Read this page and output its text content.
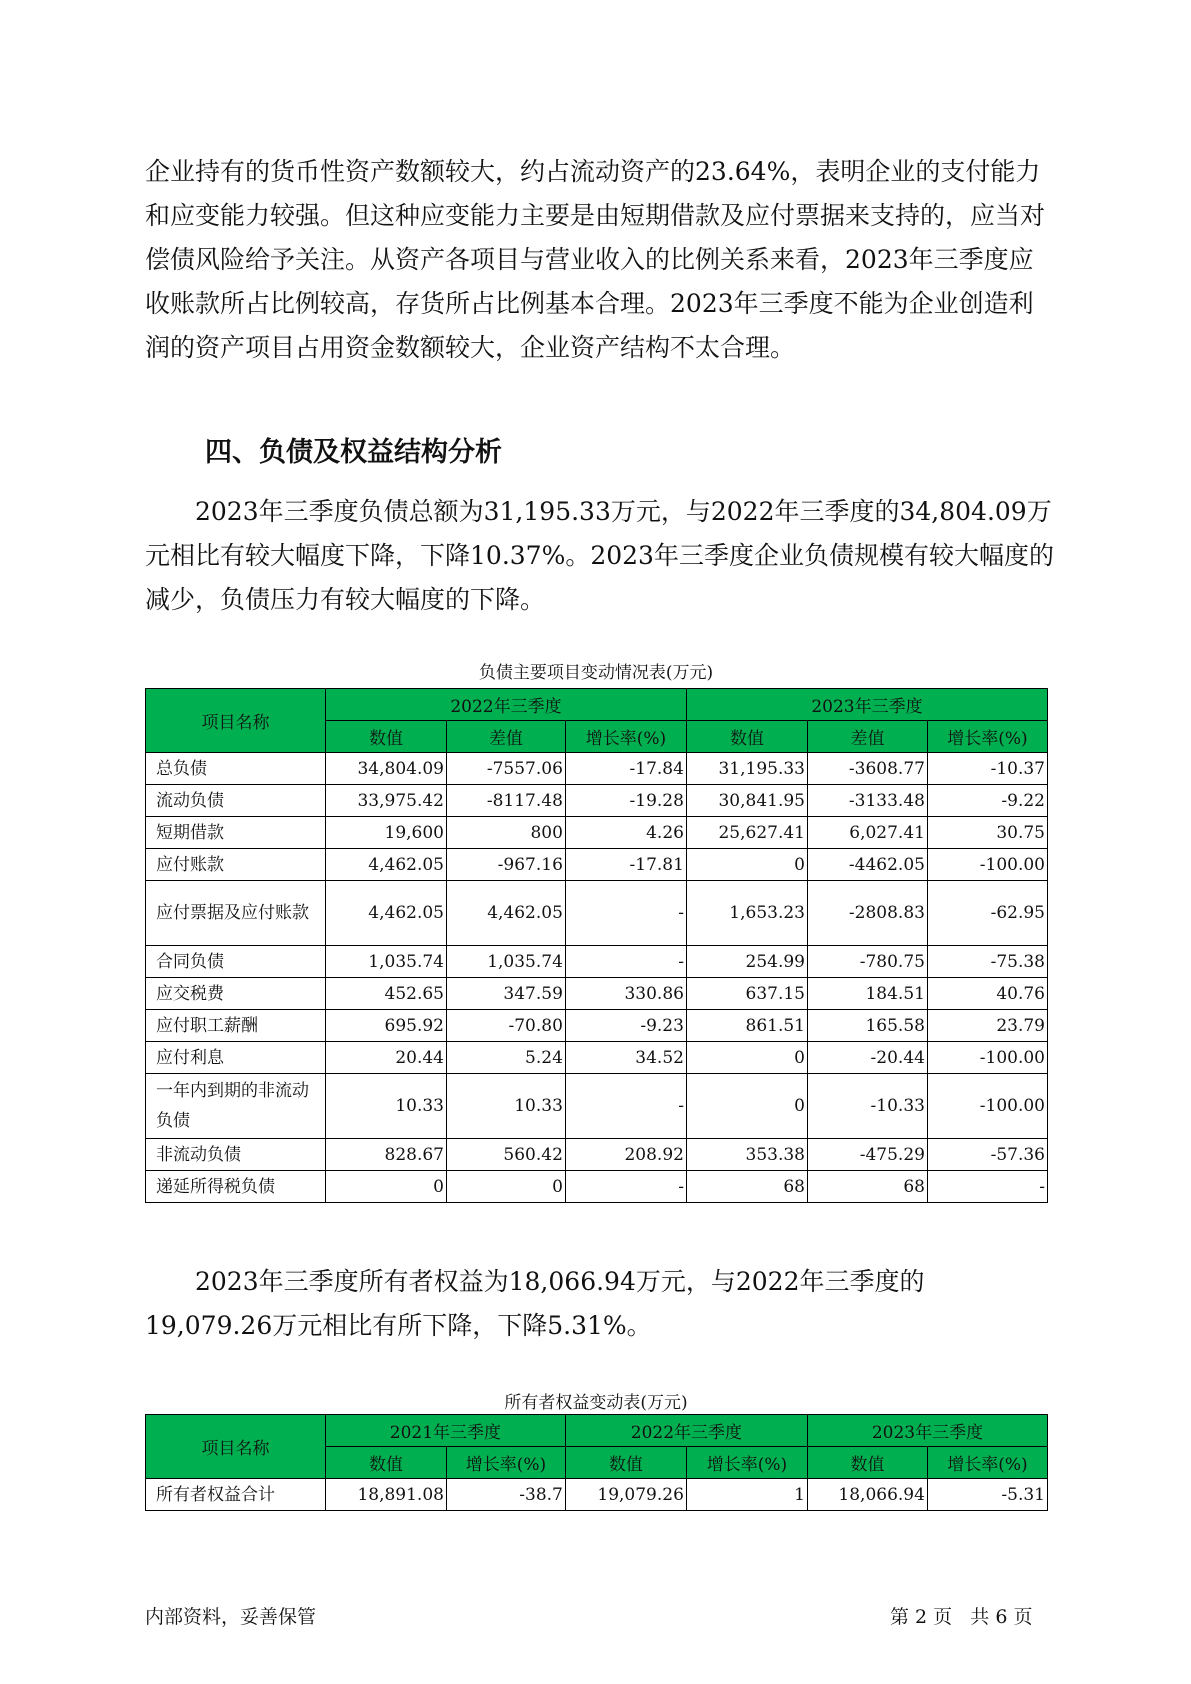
企业持有的货币性资产数额较大，约占流动资产的23.64%，表明企业的支付能力和应变能力较强。但这种应变能力主要是由短期借款及应付票据来支持的，应当对偿债风险给予关注。从资产各项目与营业收入的比例关系来看，2023年三季度应收账款所占比例较高，存货所占比例基本合理。2023年三季度不能为企业创造利润的资产项目占用资金数额较大，企业资产结构不太合理。

四、负债及权益结构分析

2023年三季度负债总额为31,195.33万元，与2022年三季度的34,804.09万元相比有较大幅度下降，下降10.37%。2023年三季度企业负债规模有较大幅度的减少，负债压力有较大幅度的下降。

负债主要项目变动情况表(万元)

项目名称	2022年三季度			2023年三季度		
	数值	差值	增长率(%)	数值	差值	增长率(%)
总负债	34,804.09	-7557.06	-17.84	31,195.33	-3608.77	-10.37
流动负债	33,975.42	-8117.48	-19.28	30,841.95	-3133.48	-9.22
短期借款	19,600	800	4.26	25,627.41	6,027.41	30.75
应付账款	4,462.05	-967.16	-17.81	0	-4462.05	-100.00
应付票据及应付账款	4,462.05	4,462.05	-	1,653.23	-2808.83	-62.95
合同负债	1,035.74	1,035.74	-	254.99	-780.75	-75.38
应交税费	452.65	347.59	330.86	637.15	184.51	40.76
应付职工薪酬	695.92	-70.80	-9.23	861.51	165.58	23.79
应付利息	20.44	5.24	34.52	0	-20.44	-100.00
一年内到期的非流动负债	10.33	10.33	-	0	-10.33	-100.00
非流动负债	828.67	560.42	208.92	353.38	-475.29	-57.36
递延所得税负债	0	0	-	68	68	-

2023年三季度所有者权益为18,066.94万元，与2022年三季度的19,079.26万元相比有所下降，下降5.31%。

所有者权益变动表(万元)

项目名称	2021年三季度		2022年三季度		2023年三季度	
	数值	增长率(%)	数值	增长率(%)	数值	增长率(%)
所有者权益合计	18,891.08	-38.7	19,079.26	1	18,066.94	-5.31

内部资料，妥善保管	第 2 页   共 6 页
